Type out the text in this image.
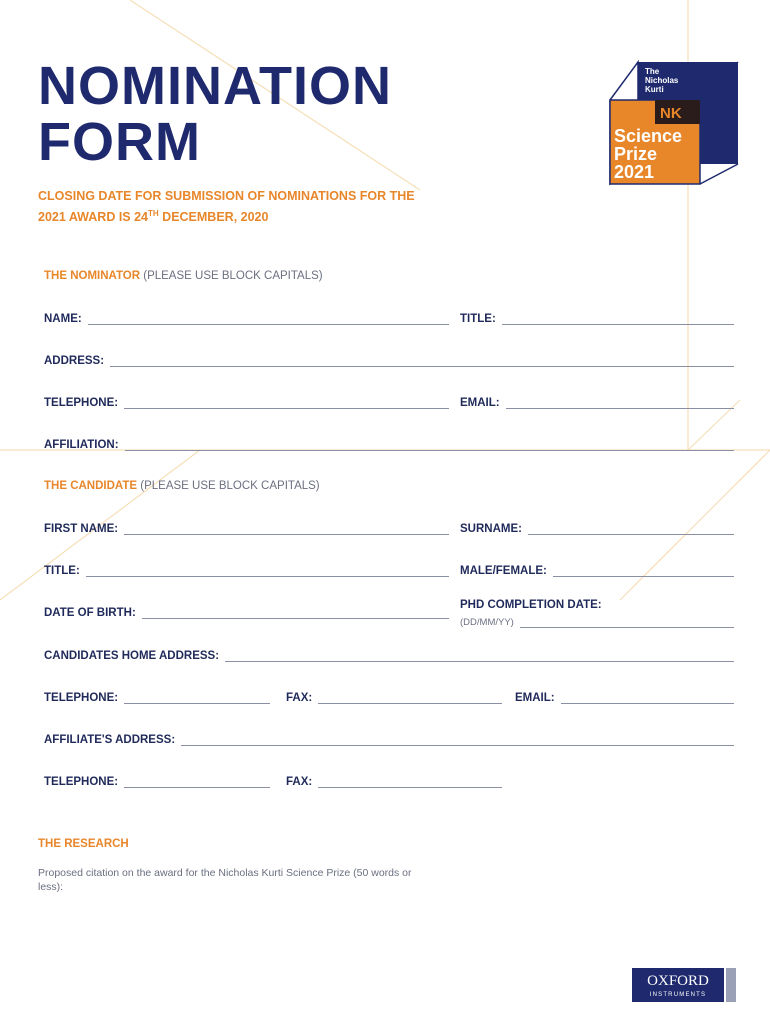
NOMINATION
FORM
CLOSING DATE FOR SUBMISSION OF NOMINATIONS FOR THE
2021 AWARD IS 24TH DECEMBER, 2020
The
Nicholas
Kurti
NK
Science
Prize
2021
THE NOMINATOR (PLEASE USE BLOCK CAPITALS)
NAME:	TITLE:
ADDRESS:
TELEPHONE:	EMAIL:
AFFILIATION:
THE CANDIDATE (PLEASE USE BLOCK CAPITALS)
FIRST NAME:	SURNAME:
TITLE:	MALE/FEMALE:
DATE OF BIRTH:
PHD COMPLETION DATE:
(DD/MM/YY)
CANDIDATES HOME ADDRESS:
TELEPHONE:	FAX:	EMAIL:
AFFILIATE'S ADDRESS:
TELEPHONE:	FAX:
THE RESEARCH
Proposed citation on the award for the Nicholas Kurti Science Prize (50 words or less):
OXFORD
INSTRUMENTS
